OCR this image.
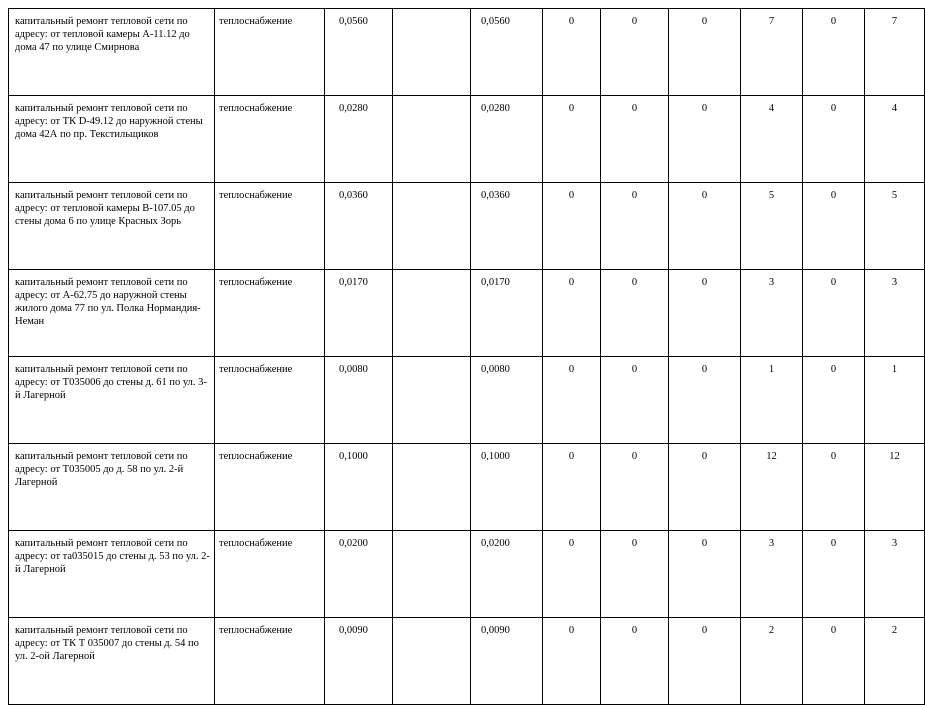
капитальный ремонт тепловой сети по адресу: от тепловой камеры А-11.12 до дома 47 по улице Смирнова	теплоснабжение	0,0560		0,0560	0	0	0	7	0	7
капитальный ремонт тепловой сети по адресу: от ТК D-49.12 до наружной стены дома 42А по пр. Текстильщиков	теплоснабжение	0,0280		0,0280	0	0	0	4	0	4
капитальный ремонт тепловой сети по адресу: от тепловой камеры В-107.05 до стены дома 6 по улице Красных Зорь	теплоснабжение	0,0360		0,0360	0	0	0	5	0	5
капитальный ремонт тепловой сети по адресу: от А-62.75 до наружной стены жилого дома 77 по ул. Полка Нормандия-Неман	теплоснабжение	0,0170		0,0170	0	0	0	3	0	3
капитальный ремонт тепловой сети по адресу: от Т035006 до стены д. 61 по ул. 3-й Лагерной	теплоснабжение	0,0080		0,0080	0	0	0	1	0	1
капитальный ремонт тепловой сети по адресу: от Т035005 до д. 58 по ул. 2-й Лагерной	теплоснабжение	0,1000		0,1000	0	0	0	12	0	12
капитальный ремонт тепловой сети по адресу: от та035015 до стены д. 53 по ул. 2-й Лагерной	теплоснабжение	0,0200		0,0200	0	0	0	3	0	3
капитальный ремонт тепловой сети по адресу: от ТК Т 035007 до стены д. 54 по ул. 2-ой Лагерной	теплоснабжение	0,0090		0,0090	0	0	0	2	0	2
